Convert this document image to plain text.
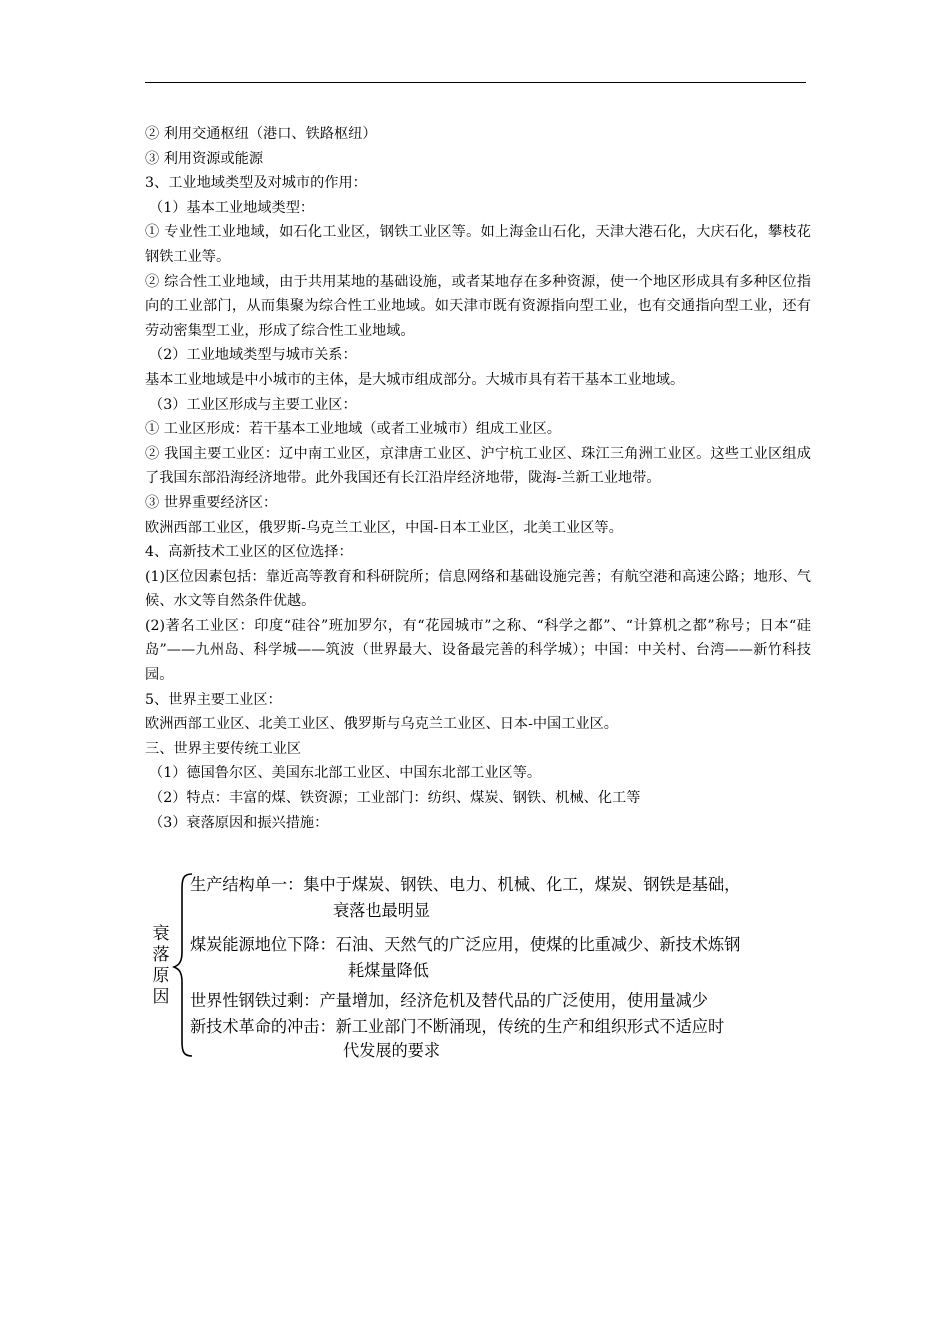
② 利用交通枢纽（港口、铁路枢纽）

③ 利用资源或能源

3、工业地域类型及对城市的作用：

（1）基本工业地域类型：

① 专业性工业地域，如石化工业区，钢铁工业区等。如上海金山石化，天津大港石化，大庆石化，攀枝花钢铁工业等。

② 综合性工业地域，由于共用某地的基础设施，或者某地存在多种资源，使一个地区形成具有多种区位指向的工业部门，从而集聚为综合性工业地域。如天津市既有资源指向型工业，也有交通指向型工业，还有劳动密集型工业，形成了综合性工业地域。

（2）工业地域类型与城市关系：

基本工业地域是中小城市的主体，是大城市组成部分。大城市具有若干基本工业地域。

（3）工业区形成与主要工业区：

① 工业区形成：若干基本工业地域（或者工业城市）组成工业区。

② 我国主要工业区：辽中南工业区，京津唐工业区、沪宁杭工业区、珠江三角洲工业区。这些工业区组成了我国东部沿海经济地带。此外我国还有长江沿岸经济地带，陇海-兰新工业地带。

③ 世界重要经济区：

欧洲西部工业区，俄罗斯-乌克兰工业区，中国-日本工业区，北美工业区等。

4、高新技术工业区的区位选择：

(1)区位因素包括：靠近高等教育和科研院所；信息网络和基础设施完善；有航空港和高速公路；地形、气候、水文等自然条件优越。

(2)著名工业区：印度“硅谷”班加罗尔，有“花园城市”之称、“科学之都”、“计算机之都”称号；日本“硅岛”——九州岛、科学城——筑波（世界最大、设备最完善的科学城）；中国：中关村、台湾——新竹科技园。

5、世界主要工业区：

欧洲西部工业区、北美工业区、俄罗斯与乌克兰工业区、日本-中国工业区。

三、世界主要传统工业区

（1）德国鲁尔区、美国东北部工业区、中国东北部工业区等。

（2）特点：丰富的煤、铁资源；工业部门：纺织、煤炭、钢铁、机械、化工等

（3）衰落原因和振兴措施：

衰
落
原
因
生产结构单一：集中于煤炭、钢铁、电力、机械、化工，煤炭、钢铁是基础，
衰落也最明显
煤炭能源地位下降：石油、天然气的广泛应用，使煤的比重减少、新技术炼钢
耗煤量降低
世界性钢铁过剩：产量增加，经济危机及替代品的广泛使用，使用量减少
新技术革命的冲击：新工业部门不断涌现，传统的生产和组织形式不适应时
代发展的要求
